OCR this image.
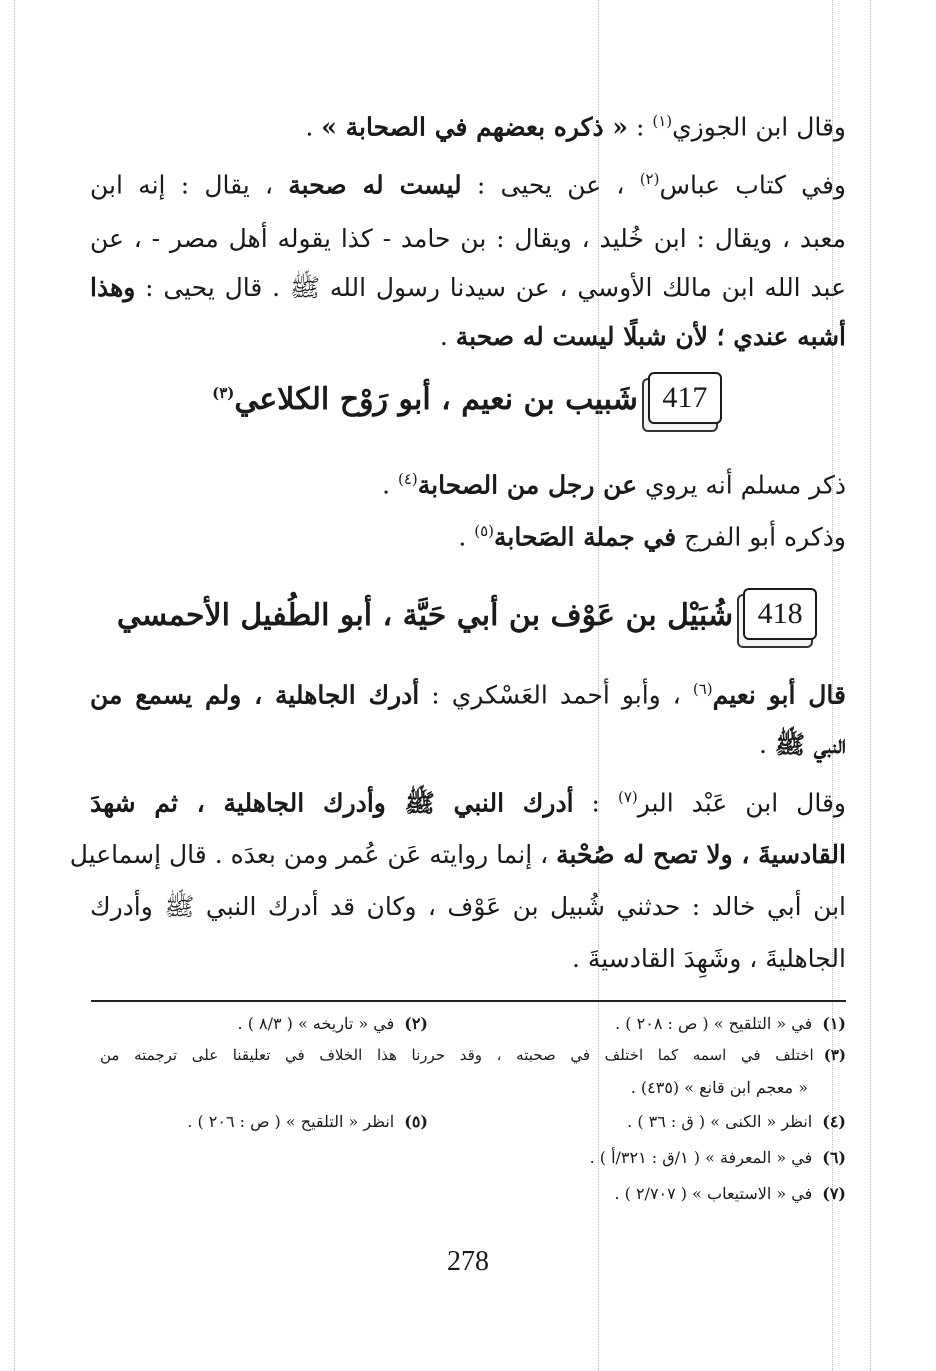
وقال ابن الجوزي$^{(١)}$ : « ذكره بعضهم في الصحابة » .
وفي كتاب عباس$^{(٢)}$ ، عن يحيى : ليست له صحبة ، يقال : إنه ابن
معبد ، ويقال : ابن خُليد ، ويقال : بن حامد - كذا يقوله أهل مصر - ، عن
عبد الله ابن مالك الأوسي ، عن سيدنا رسول الله ﷺ . قال يحيى : وهذا
أشبه عندي ؛ لأن شبلًا ليست له صحبة .
417
شَبيب بن نعيم ، أبو رَوْح الكلاعي$^{(٣)}$
ذكر مسلم أنه يروي عن رجل من الصحابة$^{(٤)}$ .
وذكره أبو الفرج في جملة الصَحابة$^{(٥)}$ .
418
شُبَيْل بن عَوْف بن أبي حَيَّة ، أبو الطُفيل الأحمسي
قال أبو نعيم$^{(٦)}$ ، وأبو أحمد العَسْكري : أدرك الجاهلية ، ولم يسمع من
النبي ﷺ .
وقال ابن عَبْد البر$^{(٧)}$ : أدرك النبي ﷺ وأدرك الجاهلية ، ثم شهدَ
القادسيةَ ، ولا تصح له صُحْبة ، إنما روايته عَن عُمر ومن بعدَه . قال إسماعيل
ابن أبي خالد : حدثني شُبيل بن عَوْف ، وكان قد أدرك النبي ﷺ وأدرك
الجاهليةَ ، وشَهِدَ القادسيةَ .
(١)في « التلقيح » ( ص : ٢٠٨ ) .
(٢)في « تاريخه » ( ٨/٣ ) .
(٣)اختلف في اسمه كما اختلف في صحبته ، وقد حررنا هذا الخلاف في تعليقنا على ترجمته من
« معجم ابن قانع » (٤٣٥) .
(٤)انظر « الكنى » ( ق : ٣٦ ) .
(٥)انظر « التلقيح » ( ص : ٢٠٦ ) .
(٦)في « المعرفة » ( ١/ق : ٣٢١/أ ) .
(٧)في « الاستيعاب » ( ٢/٧٠٧ ) .
278
